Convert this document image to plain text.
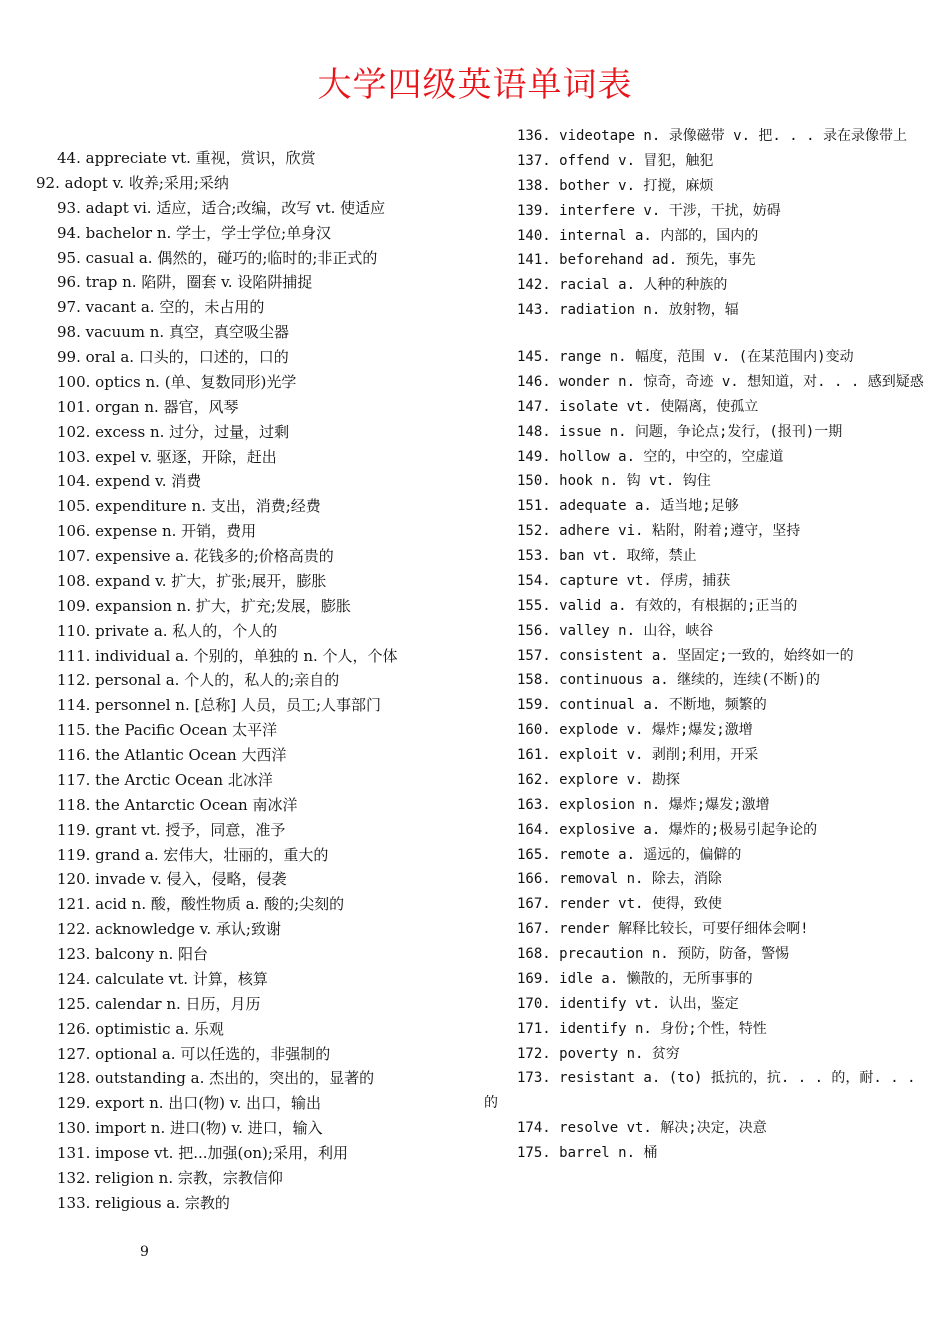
大学四级英语单词表
44. appreciate vt. 重视，赏识，欣赏
92. adopt v. 收养;采用;采纳
93. adapt vi. 适应，适合;改编，改写 vt. 使适应
94. bachelor n. 学士，学士学位;单身汉
95. casual a. 偶然的，碰巧的;临时的;非正式的
96. trap n. 陷阱，圈套 v. 设陷阱捕捉
97. vacant a. 空的，未占用的
98. vacuum n. 真空，真空吸尘器
99. oral a. 口头的，口述的，口的
100. optics n. (单、复数同形)光学
101. organ n. 器官，风琴
102. excess n. 过分，过量，过剩
103. expel v. 驱逐，开除，赶出
104. expend v. 消费
105. expenditure n. 支出，消费;经费
106. expense n. 开销，费用
107. expensive a. 花钱多的;价格高贵的
108. expand v. 扩大，扩张;展开，膨胀
109. expansion n. 扩大，扩充;发展，膨胀
110. private a. 私人的，个人的
111. individual a. 个别的，单独的 n. 个人，个体
112. personal a. 个人的，私人的;亲自的
114. personnel n. [总称] 人员，员工;人事部门
115. the Pacific Ocean 太平洋
116. the Atlantic Ocean 大西洋
117. the Arctic Ocean 北冰洋
118. the Antarctic Ocean 南冰洋
119. grant vt. 授予，同意，准予
119. grand a. 宏伟大，壮丽的，重大的
120. invade v. 侵入，侵略，侵袭
121. acid n. 酸，酸性物质 a. 酸的;尖刻的
122. acknowledge v. 承认;致谢
123. balcony n. 阳台
124. calculate vt. 计算，核算
125. calendar n. 日历，月历
126. optimistic a. 乐观
127. optional a. 可以任选的，非强制的
128. outstanding a. 杰出的，突出的，显著的
129. export n. 出口(物) v. 出口，输出
130. import n. 进口(物) v. 进口，输入
131. impose vt. 把...加强(on);采用，利用
132. religion n. 宗教，宗教信仰
133. religious a. 宗教的
136. videotape n. 录像磁带 v. 把. . . 录在录像带上
137. offend v. 冒犯，触犯
138. bother v. 打搅，麻烦
139. interfere v. 干涉，干扰，妨碍
140. internal a. 内部的，国内的
141. beforehand ad. 预先，事先
142. racial a. 人种的种族的
143. radiation n. 放射物，辐
145. range n. 幅度，范围 v. (在某范围内)变动
146. wonder n. 惊奇，奇迹 v. 想知道，对. . . 感到疑惑
147. isolate vt. 使隔离，使孤立
148. issue n. 问题，争论点;发行，(报刊)一期
149. hollow a. 空的，中空的，空虚道
150. hook n. 钩 vt. 钩住
151. adequate a. 适当地;足够
152. adhere vi. 粘附，附着;遵守，坚持
153. ban vt. 取缔，禁止
154. capture vt. 俘虏，捕获
155. valid a. 有效的，有根据的;正当的
156. valley n. 山谷，峡谷
157. consistent a. 坚固定;一致的，始终如一的
158. continuous a. 继续的，连续(不断)的
159. continual a. 不断地，频繁的
160. explode v. 爆炸;爆发;激增
161. exploit v. 剥削;利用，开采
162. explore v. 勘探
163. explosion n. 爆炸;爆发;激增
164. explosive a. 爆炸的;极易引起争论的
165. remote a. 遥远的，偏僻的
166. removal n. 除去，消除
167. render vt. 使得，致使
167. render 解释比较长，可要仔细体会啊!
168. precaution n. 预防，防备，警惕
169. idle a. 懒散的，无所事事的
170. identify vt. 认出，鉴定
171. identify n. 身份;个性，特性
172. poverty n. 贫穷
173. resistant a. (to) 抵抗的，抗. . . 的，耐. . . 的
174. resolve vt. 解决;决定，决意
175. barrel n. 桶
9
